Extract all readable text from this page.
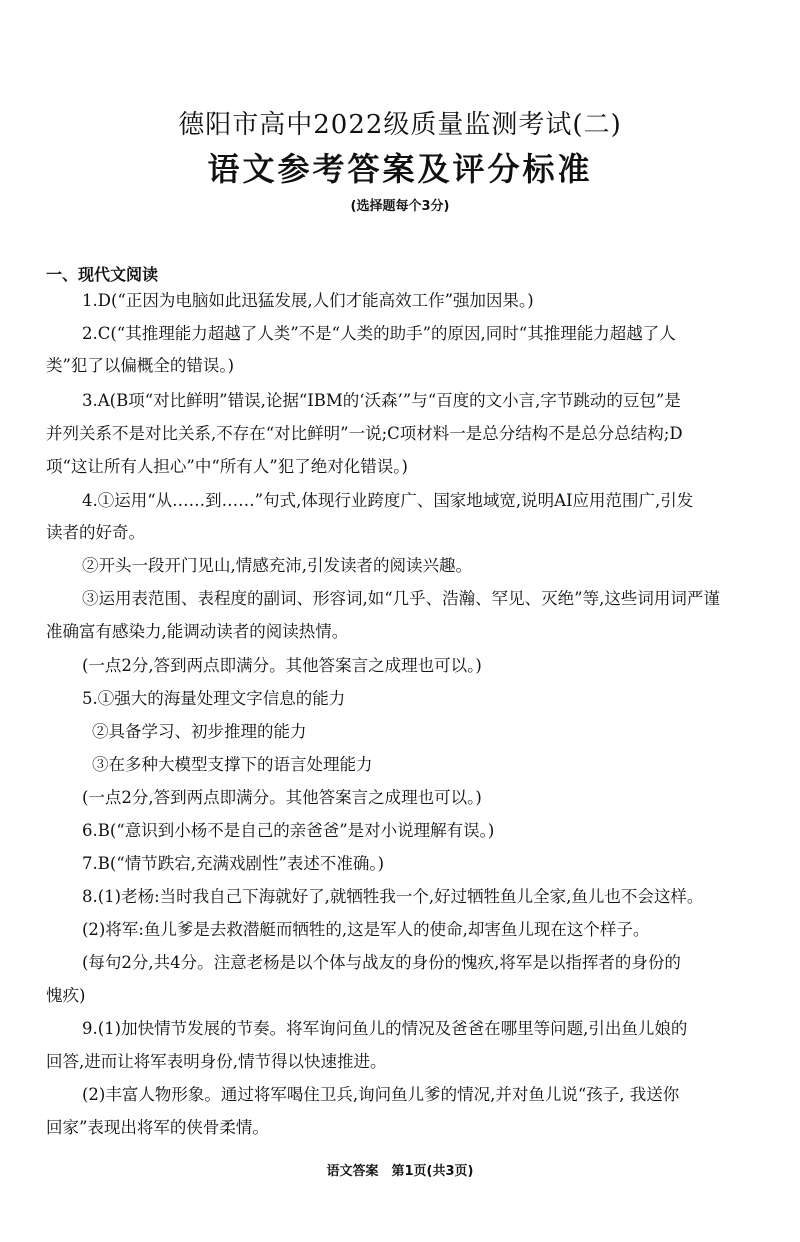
德阳市高中2022级质量监测考试(二)
语文参考答案及评分标准
(选择题每个3分)
一、现代文阅读
1.D(“正因为电脑如此迅猛发展,人们才能高效工作”强加因果。)
2.C(“其推理能力超越了人类”不是“人类的助手”的原因,同时“其推理能力超越了人
类”犯了以偏概全的错误。)
3.A(B项“对比鲜明”错误,论据“IBM的‘沃森’”与“百度的文小言,字节跳动的豆包”是
并列关系不是对比关系,不存在“对比鲜明”一说;C项材料一是总分结构不是总分总结构;D
项“这让所有人担心”中“所有人”犯了绝对化错误。)
4.①运用“从……到……”句式,体现行业跨度广、国家地域宽,说明AI应用范围广,引发
读者的好奇。
②开头一段开门见山,情感充沛,引发读者的阅读兴趣。
③运用表范围、表程度的副词、形容词,如“几乎、浩瀚、罕见、灭绝”等,这些词用词严谨
准确富有感染力,能调动读者的阅读热情。
(一点2分,答到两点即满分。其他答案言之成理也可以。)
5.①强大的海量处理文字信息的能力
②具备学习、初步推理的能力
③在多种大模型支撑下的语言处理能力
(一点2分,答到两点即满分。其他答案言之成理也可以。)
6.B(“意识到小杨不是自己的亲爸爸”是对小说理解有误。)
7.B(“情节跌宕,充满戏剧性”表述不准确。)
8.(1)老杨:当时我自己下海就好了,就牺牲我一个,好过牺牲鱼儿全家,鱼儿也不会这样。
(2)将军:鱼儿爹是去救潜艇而牺牲的,这是军人的使命,却害鱼儿现在这个样子。
(每句2分,共4分。注意老杨是以个体与战友的身份的愧疚,将军是以指挥者的身份的
愧疚)
9.(1)加快情节发展的节奏。将军询问鱼儿的情况及爸爸在哪里等问题,引出鱼儿娘的
回答,进而让将军表明身份,情节得以快速推进。
(2)丰富人物形象。通过将军喝住卫兵,询问鱼儿爹的情况,并对鱼儿说“孩子, 我送你
回家”表现出将军的侠骨柔情。
语文答案　第1页(共3页)
